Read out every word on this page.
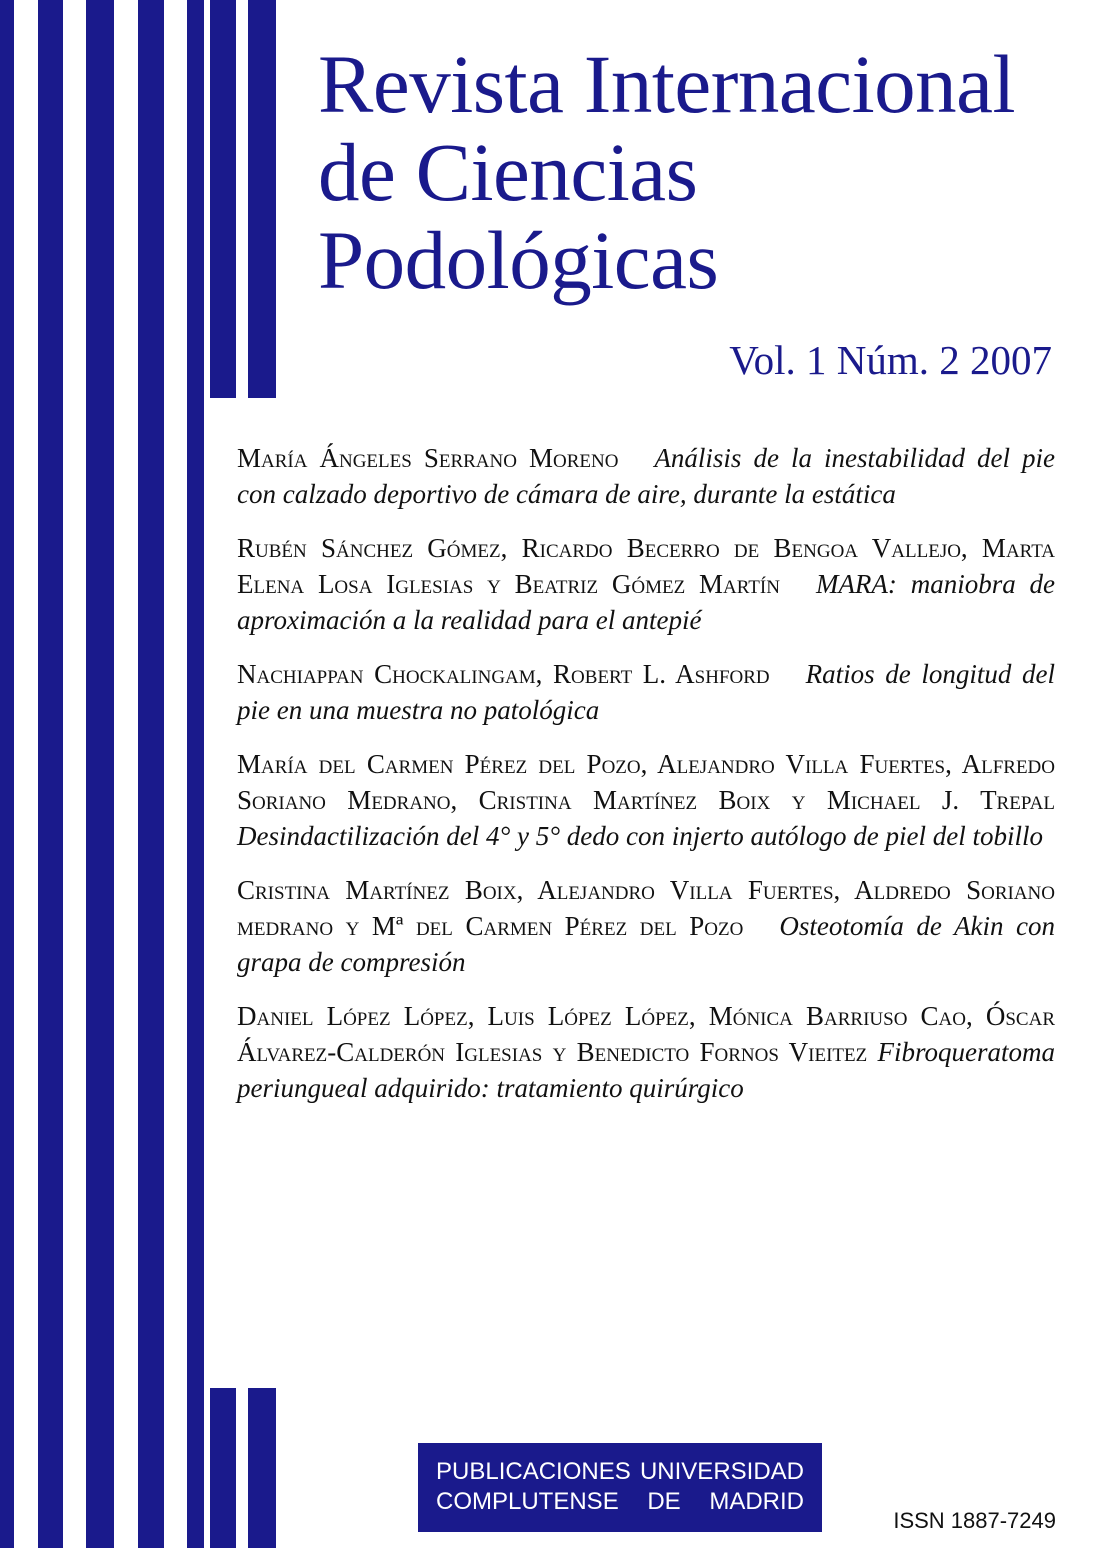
Revista Internacional
de Ciencias
Podológicas
Vol. 1 Núm. 2 2007
María Ángeles Serrano Moreno Análisis de la inestabilidad del pie con calzado deportivo de cámara de aire, durante la estática
Rubén Sánchez Gómez, Ricardo Becerro de Bengoa Vallejo, Marta Elena Losa Iglesias y Beatriz Gómez Martín MARA: maniobra de aproximación a la realidad para el antepié
Nachiappan Chockalingam, Robert L. Ashford Ratios de longitud del pie en una muestra no patológica
María del Carmen Pérez del Pozo, Alejandro Villa Fuertes, Alfredo Soriano Medrano, Cristina Martínez Boix y Michael J. Trepal Desindactilización del 4° y 5° dedo con injerto autólogo de piel del tobillo
Cristina Martínez Boix, Alejandro Villa Fuertes, Aldredo Soriano medrano y Mª del Carmen Pérez del Pozo Osteotomía de Akin con grapa de compresión
Daniel López López, Luis López López, Mónica Barriuso Cao, Óscar Álvarez-Calderón Iglesias y Benedicto Fornos Vieitez Fibroqueratoma periungueal adquirido: tratamiento quirúrgico
PUBLICACIONES UNIVERSIDAD
COMPLUTENSE DE MADRID
ISSN 1887-7249
